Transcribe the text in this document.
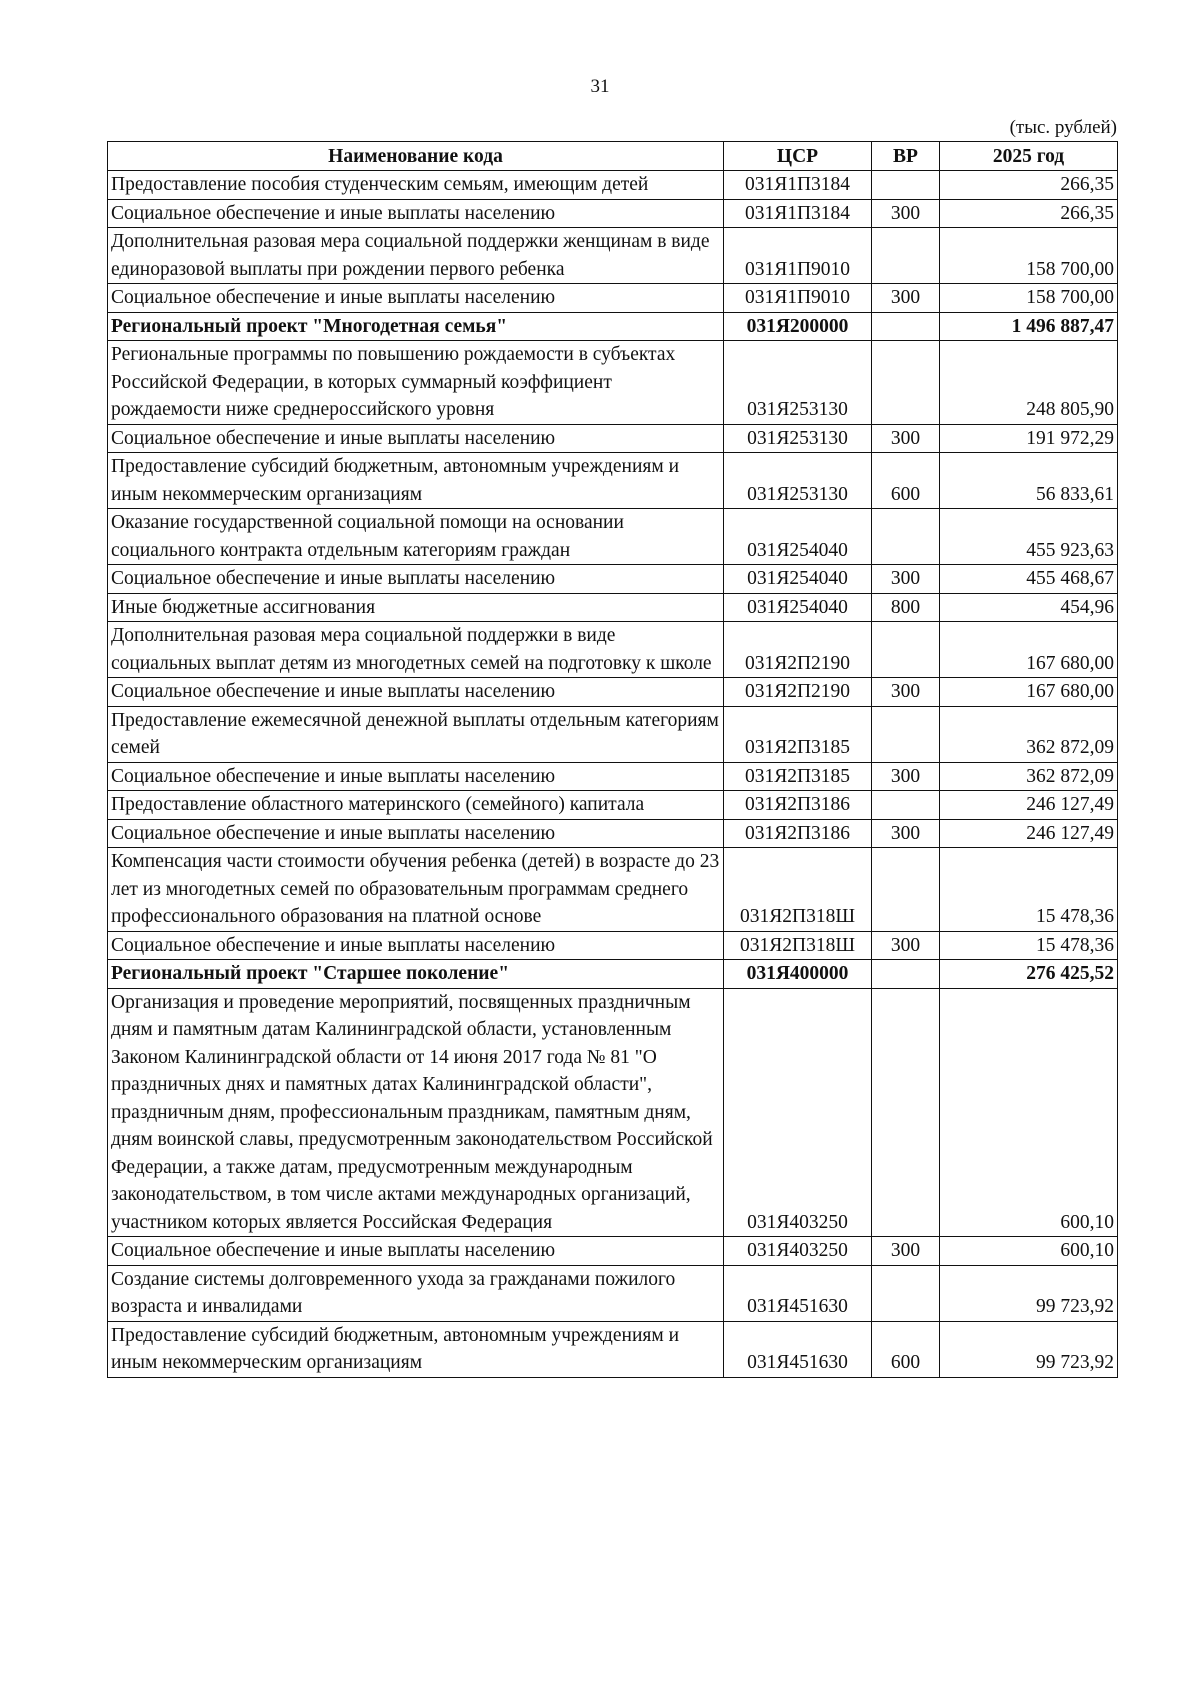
31
(тыс. рублей)
Наименование кода	ЦСР	ВР	2025 год
Предоставление пособия студенческим семьям, имеющим детей	031Я1П3184		266,35
Социальное обеспечение и иные выплаты населению	031Я1П3184	300	266,35
Дополнительная разовая мера социальной поддержки женщинам в виде единоразовой выплаты при рождении первого ребенка	031Я1П9010		158 700,00
Социальное обеспечение и иные выплаты населению	031Я1П9010	300	158 700,00
Региональный проект "Многодетная семья"	031Я200000		1 496 887,47
Региональные программы по повышению рождаемости в субъектах Российской Федерации, в которых суммарный коэффициент рождаемости ниже среднероссийского уровня	031Я253130		248 805,90
Социальное обеспечение и иные выплаты населению	031Я253130	300	191 972,29
Предоставление субсидий бюджетным, автономным учреждениям и иным некоммерческим организациям	031Я253130	600	56 833,61
Оказание государственной социальной помощи на основании социального контракта отдельным категориям граждан	031Я254040		455 923,63
Социальное обеспечение и иные выплаты населению	031Я254040	300	455 468,67
Иные бюджетные ассигнования	031Я254040	800	454,96
Дополнительная разовая мера социальной поддержки в виде социальных выплат детям из многодетных семей на подготовку к школе	031Я2П2190		167 680,00
Социальное обеспечение и иные выплаты населению	031Я2П2190	300	167 680,00
Предоставление ежемесячной денежной выплаты отдельным категориям семей	031Я2П3185		362 872,09
Социальное обеспечение и иные выплаты населению	031Я2П3185	300	362 872,09
Предоставление областного материнского (семейного) капитала	031Я2П3186		246 127,49
Социальное обеспечение и иные выплаты населению	031Я2П3186	300	246 127,49
Компенсация части стоимости обучения ребенка (детей) в возрасте до 23 лет из многодетных семей по образовательным программам среднего профессионального образования на платной основе	031Я2П318Ш		15 478,36
Социальное обеспечение и иные выплаты населению	031Я2П318Ш	300	15 478,36
Региональный проект "Старшее поколение"	031Я400000		276 425,52
Организация и проведение мероприятий, посвященных праздничным дням и памятным датам Калининградской области, установленным Законом Калининградской области от 14 июня 2017 года № 81 "О праздничных днях и памятных датах Калининградской области", праздничным дням, профессиональным праздникам, памятным дням, дням воинской славы, предусмотренным законодательством Российской Федерации, а также датам, предусмотренным международным законодательством, в том числе актами международных организаций, участником которых является Российская Федерация	031Я403250		600,10
Социальное обеспечение и иные выплаты населению	031Я403250	300	600,10
Создание системы долговременного ухода за гражданами пожилого возраста и инвалидами	031Я451630		99 723,92
Предоставление субсидий бюджетным, автономным учреждениям и иным некоммерческим организациям	031Я451630	600	99 723,92
